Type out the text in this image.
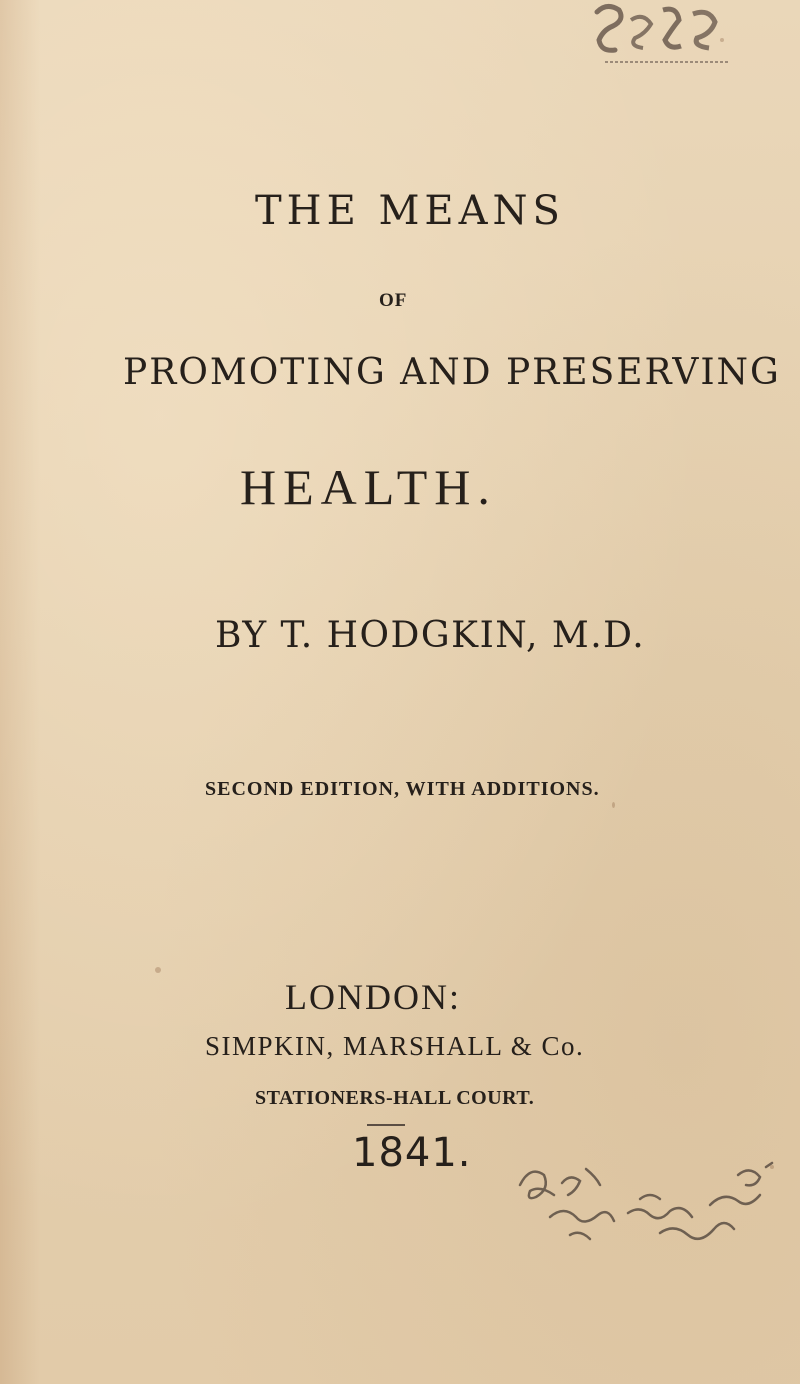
THE MEANS
OF
PROMOTING AND PRESERVING
HEALTH.
BY T. HODGKIN, M.D.
SECOND EDITION, WITH ADDITIONS.
LONDON:
SIMPKIN, MARSHALL & Co.
STATIONERS-HALL COURT.
1841.
